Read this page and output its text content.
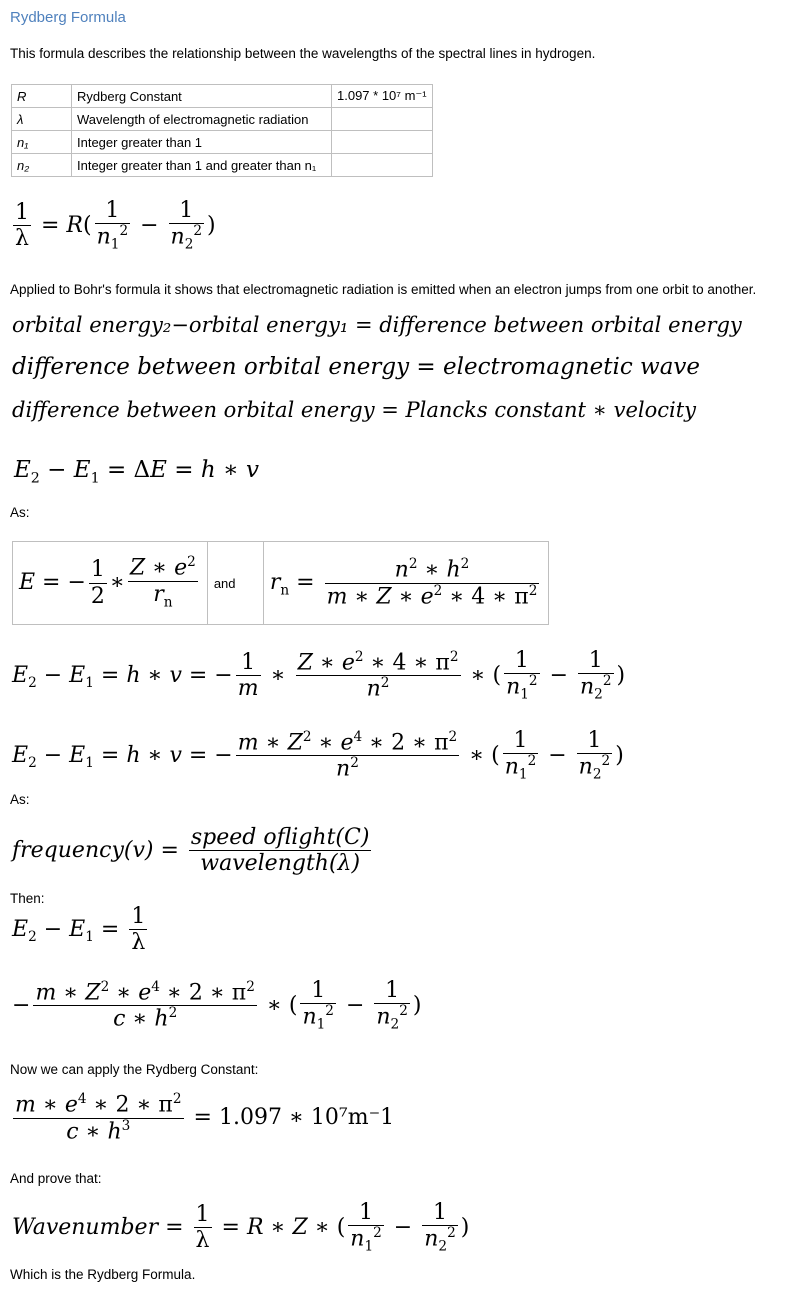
Rydberg Formula
This formula describes the relationship between the wavelengths of the spectral lines in hydrogen.
R	Rydberg Constant	1.097 * 10⁷ m⁻¹
λ	Wavelength of electromagnetic radiation	
n₁	Integer greater than 1	
n₂	Integer greater than 1 and greater than n₁	
$\frac{1}{\lambda} = R( \frac{1}{n_1^2} - \frac{1}{n_2^2}$ )
Applied to Bohr's formula it shows that electromagnetic radiation is emitted when an electron jumps from one orbit to another.
orbital energy₂−orbital energy₁ = difference between orbital energy
difference between orbital energy = electromagnetic wave
difference between orbital energy = Plancks constant ∗ velocity
$E_2 - E_1 = \Delta E = h$ ∗ v
As:
E = − $\frac{1}{2}$ ∗ $\frac{Z ∗ e^2}{r_n}$	and	$r_n = \frac{n^2 ∗ h^2}{m ∗ Z ∗ e^2 ∗ 4 ∗ \pi^2}$
$E_2 - E_1 = h$ ∗ v = − $\frac{1}{m}$ ∗ $\frac{Z ∗ e^2 ∗ 4 ∗ \pi^2}{n^2}$ ∗ ( $\frac{1}{n_1^2} - \frac{1}{n_2^2}$ )
$E_2 - E_1 = h$ ∗ v = − $\frac{m ∗ Z^2 ∗ e^4 ∗ 2 ∗ \pi^2}{n^2}$ ∗ ( $\frac{1}{n_1^2} - \frac{1}{n_2^2}$ )
As:
frequency(v) = $\frac{\text{speed oflight(C)}}{\text{wavelength(λ)}}$
Then:
$E_2 - E_1 = \frac{1}{\lambda}$
− $\frac{m ∗ Z^2 ∗ e^4 ∗ 2 ∗ \pi^2}{c ∗ h^2}$ ∗ ( $\frac{1}{n_1^2} - \frac{1}{n_2^2}$ )
Now we can apply the Rydberg Constant:
$\frac{m ∗ e^4 ∗ 2 ∗ \pi^2}{c ∗ h^3} = 1.097$ ∗ 10⁷m⁻1
And prove that:
Wavenumber = $\frac{1}{\lambda} = R$ ∗ Z ∗ ( $\frac{1}{n_1^2} - \frac{1}{n_2^2}$ )
Which is the Rydberg Formula.
